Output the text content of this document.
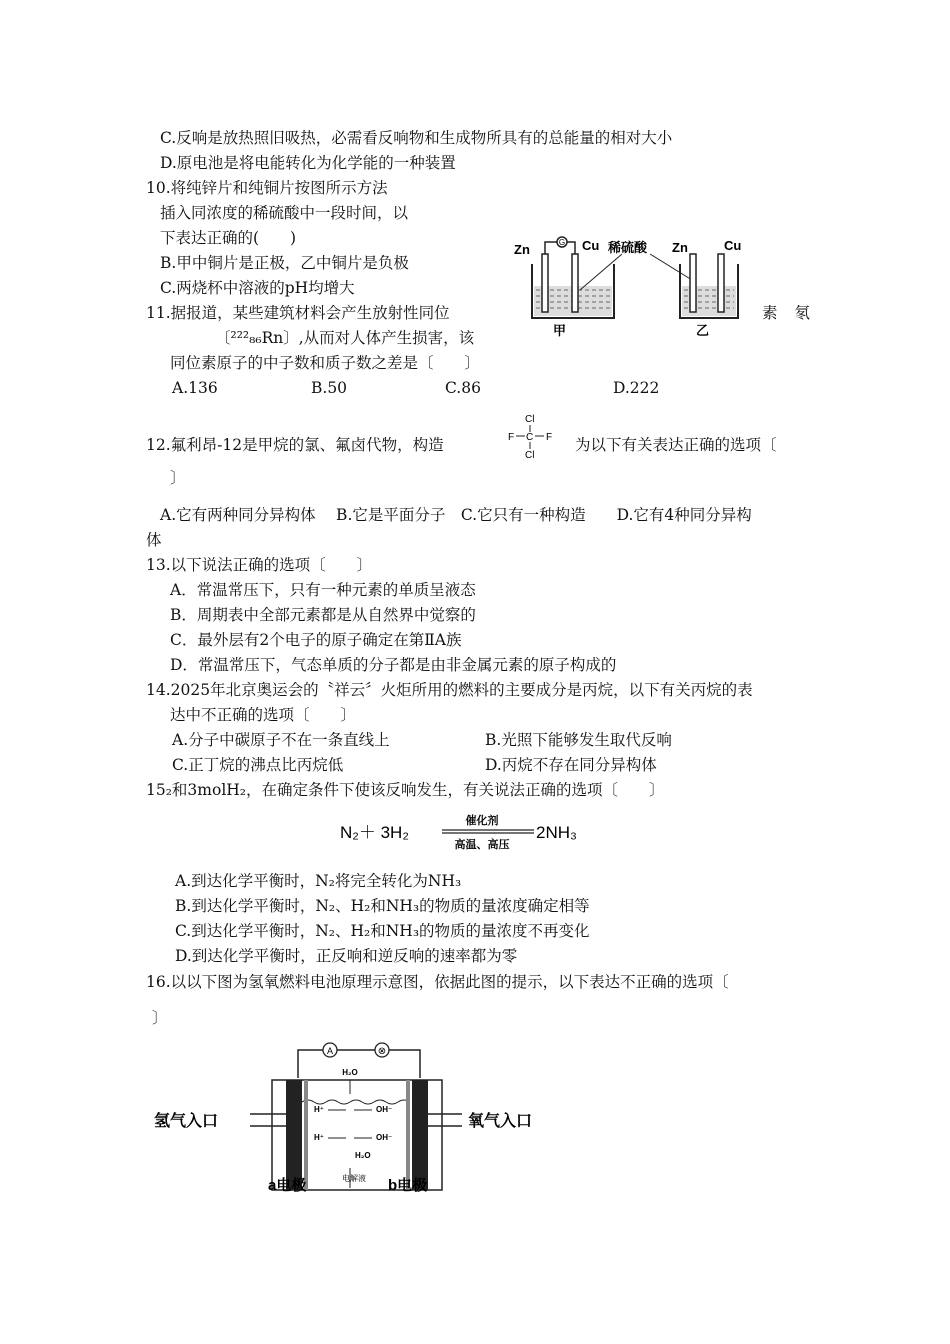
C.反响是放热照旧吸热，必需看反响物和生成物所具有的总能量的相对大小
D.原电池是将电能转化为化学能的一种装置
10.将纯锌片和纯铜片按图所示方法
插入同浓度的稀硫酸中一段时间，以
下表达正确的(　　)
B.甲中铜片是正极，乙中铜片是负极
C.两烧杯中溶液的pH均增大
11.据报道，某些建筑材料会产生放射性同位	素 氡
〔²²²₈₆Rn〕,从而对人体产生损害，该
同位素原子的中子数和质子数之差是〔　　〕
A.136	B.50	C.86	D.222
12.氟利昂-12是甲烷的氯、氟卤代物，构造	为以下有关表达正确的选项〔
〕
A.它有两种同分异构体　 B.它是平面分子　C.它只有一种构造　　D.它有4种同分异构
体
13.以下说法正确的选项〔　　〕
A．常温常压下，只有一种元素的单质呈液态
B．周期表中全部元素都是从自然界中觉察的
C．最外层有2个电子的原子确定在第ⅡA族
D．常温常压下，气态单质的分子都是由非金属元素的原子构成的
14.2025年北京奥运会的〝祥云〞火炬所用的燃料的主要成分是丙烷，以下有关丙烷的表
达中不正确的选项〔　　〕
A.分子中碳原子不在一条直线上	B.光照下能够发生取代反响
C.正丁烷的沸点比丙烷低	D.丙烷不存在同分异构体
15₂和3molH₂，在确定条件下使该反响发生，有关说法正确的选项〔　　〕
A.到达化学平衡时，N₂将完全转化为NH₃
B.到达化学平衡时，N₂、H₂和NH₃的物质的量浓度确定相等
C.到达化学平衡时，N₂、H₂和NH₃的物质的量浓度不再变化
D.到达化学平衡时，正反响和逆反响的速率都为零
16.以以下图为氢氧燃料电池原理示意图，依据此图的提示，以下表达不正确的选项〔
〕
G
Zn	Cu
甲
稀硫酸 Zn	Cu
乙
Cl
F C F
Cl
N₂＋ 3H₂
催化剂
高温、高压
2NH₃
A	⊗
氢气入口	氧气入口
H₂O
H⁺	OH⁻
H⁺	OH⁻
H₂O
a电极	电解液 b电极
